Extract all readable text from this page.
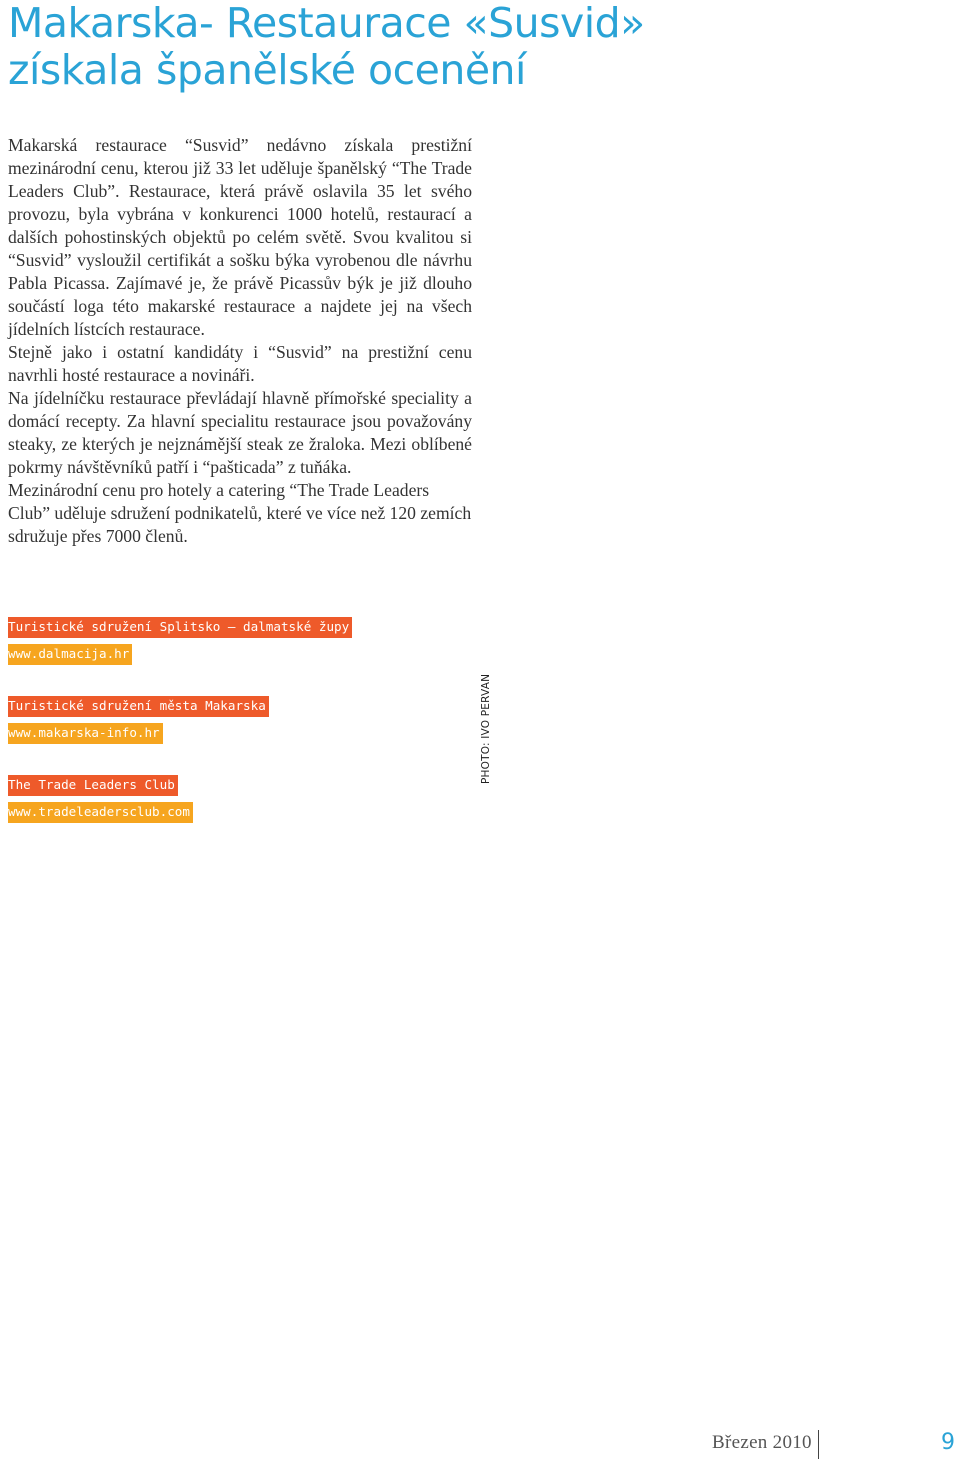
Makarska- Restaurace «Susvid»
získala španělské ocenění

Makarská restaurace “Susvid” nedávno získala prestižní mezinárodní cenu, kterou již 33 let uděluje španělský “The Trade Leaders Club”. Restaurace, která právě oslavila 35 let svého provozu, byla vybrána v konkurenci 1000 hotelů, restaurací a dalších pohostinských objektů po celém světě. Svou kvalitou si “Susvid” vysloužil certifikát a sošku býka vyrobenou dle návrhu Pabla Picassa. Zajímavé je, že právě Picassův býk je již dlouho součástí loga této makarské restaurace a najdete jej na všech jídelních lístcích restaurace.

Stejně jako i ostatní kandidáty i “Susvid” na prestižní cenu navrhli hosté restaurace a novináři.

Na jídelníčku restaurace převládají hlavně přímořské speciality a domácí recepty. Za hlavní specialitu restaurace jsou považovány steaky, ze kterých je nejznámější steak ze žraloka. Mezi oblíbené pokrmy návštěvníků patří i “pašticada” z tuňáka.

Mezinárodní cenu pro hotely a catering “The Trade Leaders Club” uděluje sdružení podnikatelů, které ve více než 120 zemích sdružuje přes 7000 členů.

Turistické sdružení Splitsko – dalmatské župy
www.dalmacija.hr
Turistické sdružení města Makarska
www.makarska-info.hr
The Trade Leaders Club
www.tradeleadersclub.com
PHOTO: IVO PERVAN
Březen 2010	9
